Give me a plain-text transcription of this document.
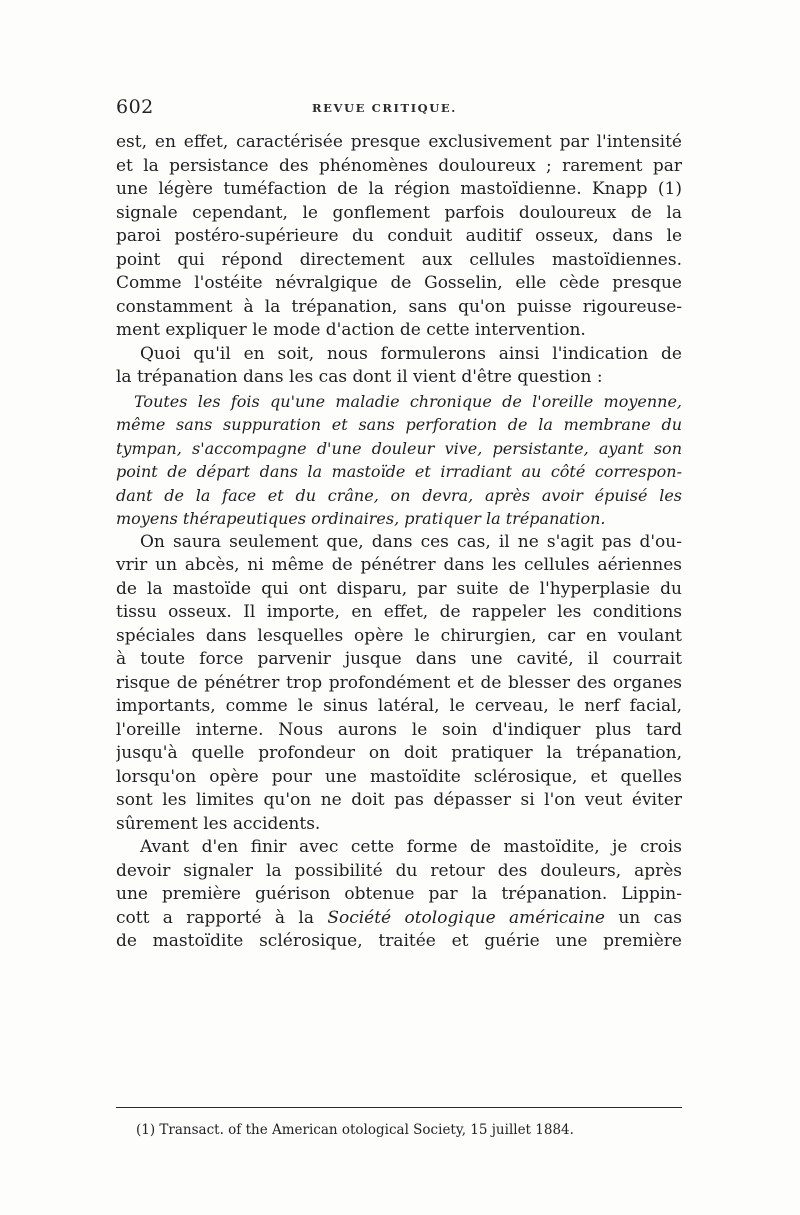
602	REVUE CRITIQUE.

est, en effet, caractérisée presque exclusivement par l'intensité

et la persistance des phénomènes douloureux ; rarement par

une légère tuméfaction de la région mastoïdienne. Knapp (1)

signale cependant, le gonflement parfois douloureux de la

paroi postéro-supérieure du conduit auditif osseux, dans le

point qui répond directement aux cellules mastoïdiennes.

Comme l'ostéite névralgique de Gosselin, elle cède presque

constamment à la trépanation, sans qu'on puisse rigoureuse-

ment expliquer le mode d'action de cette intervention.

Quoi qu'il en soit, nous formulerons ainsi l'indication de

la trépanation dans les cas dont il vient d'être question :

Toutes les fois qu'une maladie chronique de l'oreille moyenne,

même sans suppuration et sans perforation de la membrane du

tympan, s'accompagne d'une douleur vive, persistante, ayant son

point de départ dans la mastoïde et irradiant au côté correspon-

dant de la face et du crâne, on devra, après avoir épuisé les

moyens thérapeutiques ordinaires, pratiquer la trépanation.

On saura seulement que, dans ces cas, il ne s'agit pas d'ou-

vrir un abcès, ni même de pénétrer dans les cellules aériennes

de la mastoïde qui ont disparu, par suite de l'hyperplasie du

tissu osseux. Il importe, en effet, de rappeler les conditions

spéciales dans lesquelles opère le chirurgien, car en voulant

à toute force parvenir jusque dans une cavité, il courrait

risque de pénétrer trop profondément et de blesser des organes

importants, comme le sinus latéral, le cerveau, le nerf facial,

l'oreille interne. Nous aurons le soin d'indiquer plus tard

jusqu'à quelle profondeur on doit pratiquer la trépanation,

lorsqu'on opère pour une mastoïdite sclérosique, et quelles

sont les limites qu'on ne doit pas dépasser si l'on veut éviter

sûrement les accidents.

Avant d'en finir avec cette forme de mastoïdite, je crois

devoir signaler la possibilité du retour des douleurs, après

une première guérison obtenue par la trépanation. Lippin-

cott a rapporté à la Société otologique américaine un cas

de mastoïdite sclérosique, traitée et guérie une première

(1) Transact. of the American otological Society, 15 juillet 1884.
